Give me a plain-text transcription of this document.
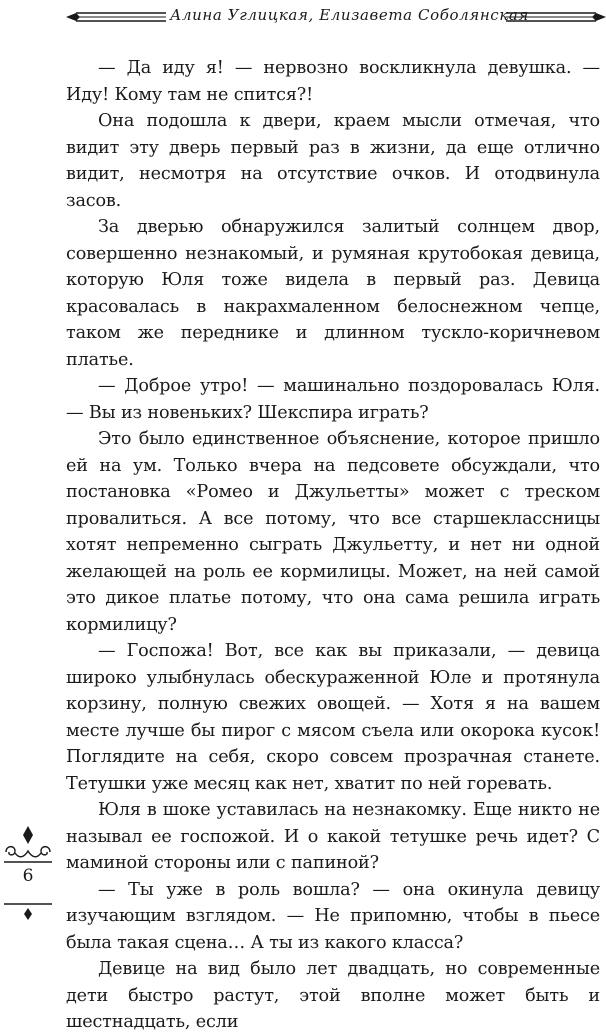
Алина Углицкая, Елизавета Соболянская

— Да иду я! — нервозно воскликнула девушка. — Иду! Кому там не спится?!

Она подошла к двери, краем мысли отмечая, что видит эту дверь первый раз в жизни, да еще отлично видит, несмотря на отсутствие очков. И отодвинула засов.

За дверью обнаружился залитый солнцем двор, совершенно незнакомый, и румяная крутобокая девица, которую Юля тоже видела в первый раз. Девица красовалась в накрахмаленном белоснежном чепце, таком же переднике и длинном тускло-коричневом платье.

— Доброе утро! — машинально поздоровалась Юля. — Вы из новеньких? Шекспира играть?

Это было единственное объяснение, которое пришло ей на ум. Только вчера на педсовете обсуждали, что постановка «Ромео и Джульетты» может с треском провалиться. А все потому, что все старшеклассницы хотят непременно сыграть Джульетту, и нет ни одной желающей на роль ее кормилицы. Может, на ней самой это дикое платье потому, что она сама решила играть кормилицу?

— Госпожа! Вот, все как вы приказали, — девица широко улыбнулась обескураженной Юле и протянула корзину, полную свежих овощей. — Хотя я на вашем месте лучше бы пирог с мясом съела или окорока кусок! Поглядите на себя, скоро совсем прозрачная станете. Тетушки уже месяц как нет, хватит по ней горевать.

Юля в шоке уставилась на незнакомку. Еще никто не называл ее госпожой. И о какой тетушке речь идет? С маминой стороны или с папиной?

— Ты уже в роль вошла? — она окинула девицу изучающим взглядом. — Не припомню, чтобы в пьесе была такая сцена… А ты из какого класса?

Девице на вид было лет двадцать, но современные дети быстро растут, этой вполне может быть и шестнадцать, если

6
